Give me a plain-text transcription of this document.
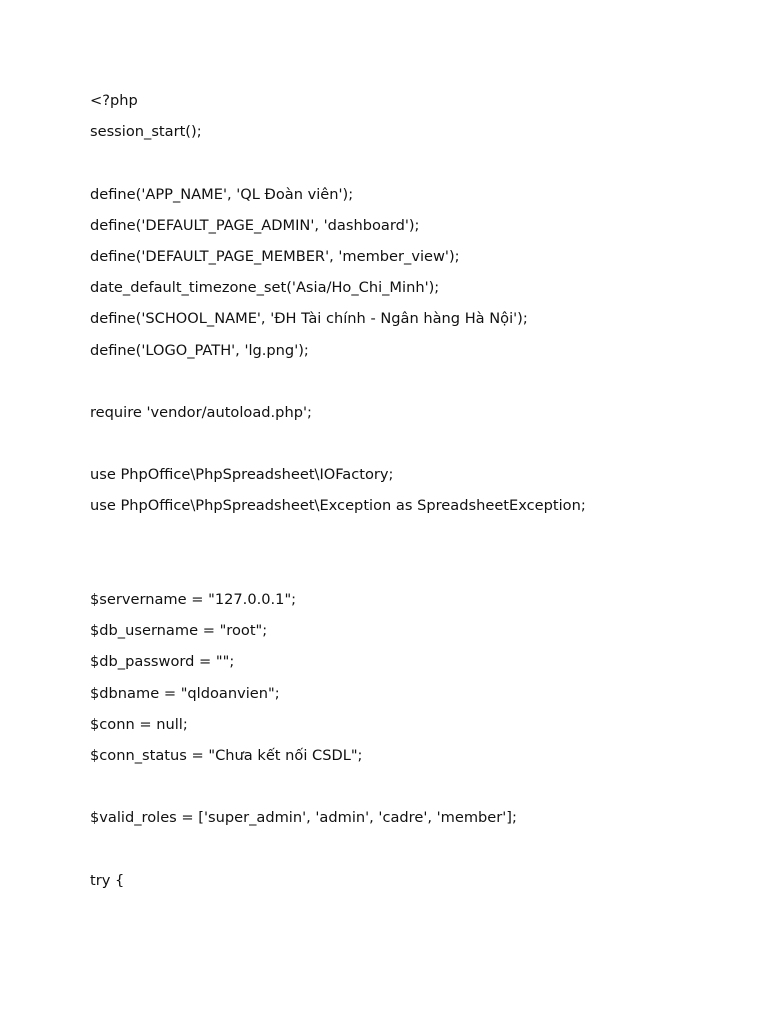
<?php
session_start();
define('APP_NAME', 'QL Đoàn viên');
define('DEFAULT_PAGE_ADMIN', 'dashboard');
define('DEFAULT_PAGE_MEMBER', 'member_view');
date_default_timezone_set('Asia/Ho_Chi_Minh');
define('SCHOOL_NAME', 'ĐH Tài chính - Ngân hàng Hà Nội');
define('LOGO_PATH', 'lg.png');
require 'vendor/autoload.php';
use PhpOffice\PhpSpreadsheet\IOFactory;
use PhpOffice\PhpSpreadsheet\Exception as SpreadsheetException;
$servername = "127.0.0.1";
$db_username = "root";
$db_password = "";
$dbname = "qldoanvien";
$conn = null;
$conn_status = "Chưa kết nối CSDL";
$valid_roles = ['super_admin', 'admin', 'cadre', 'member'];
try {
